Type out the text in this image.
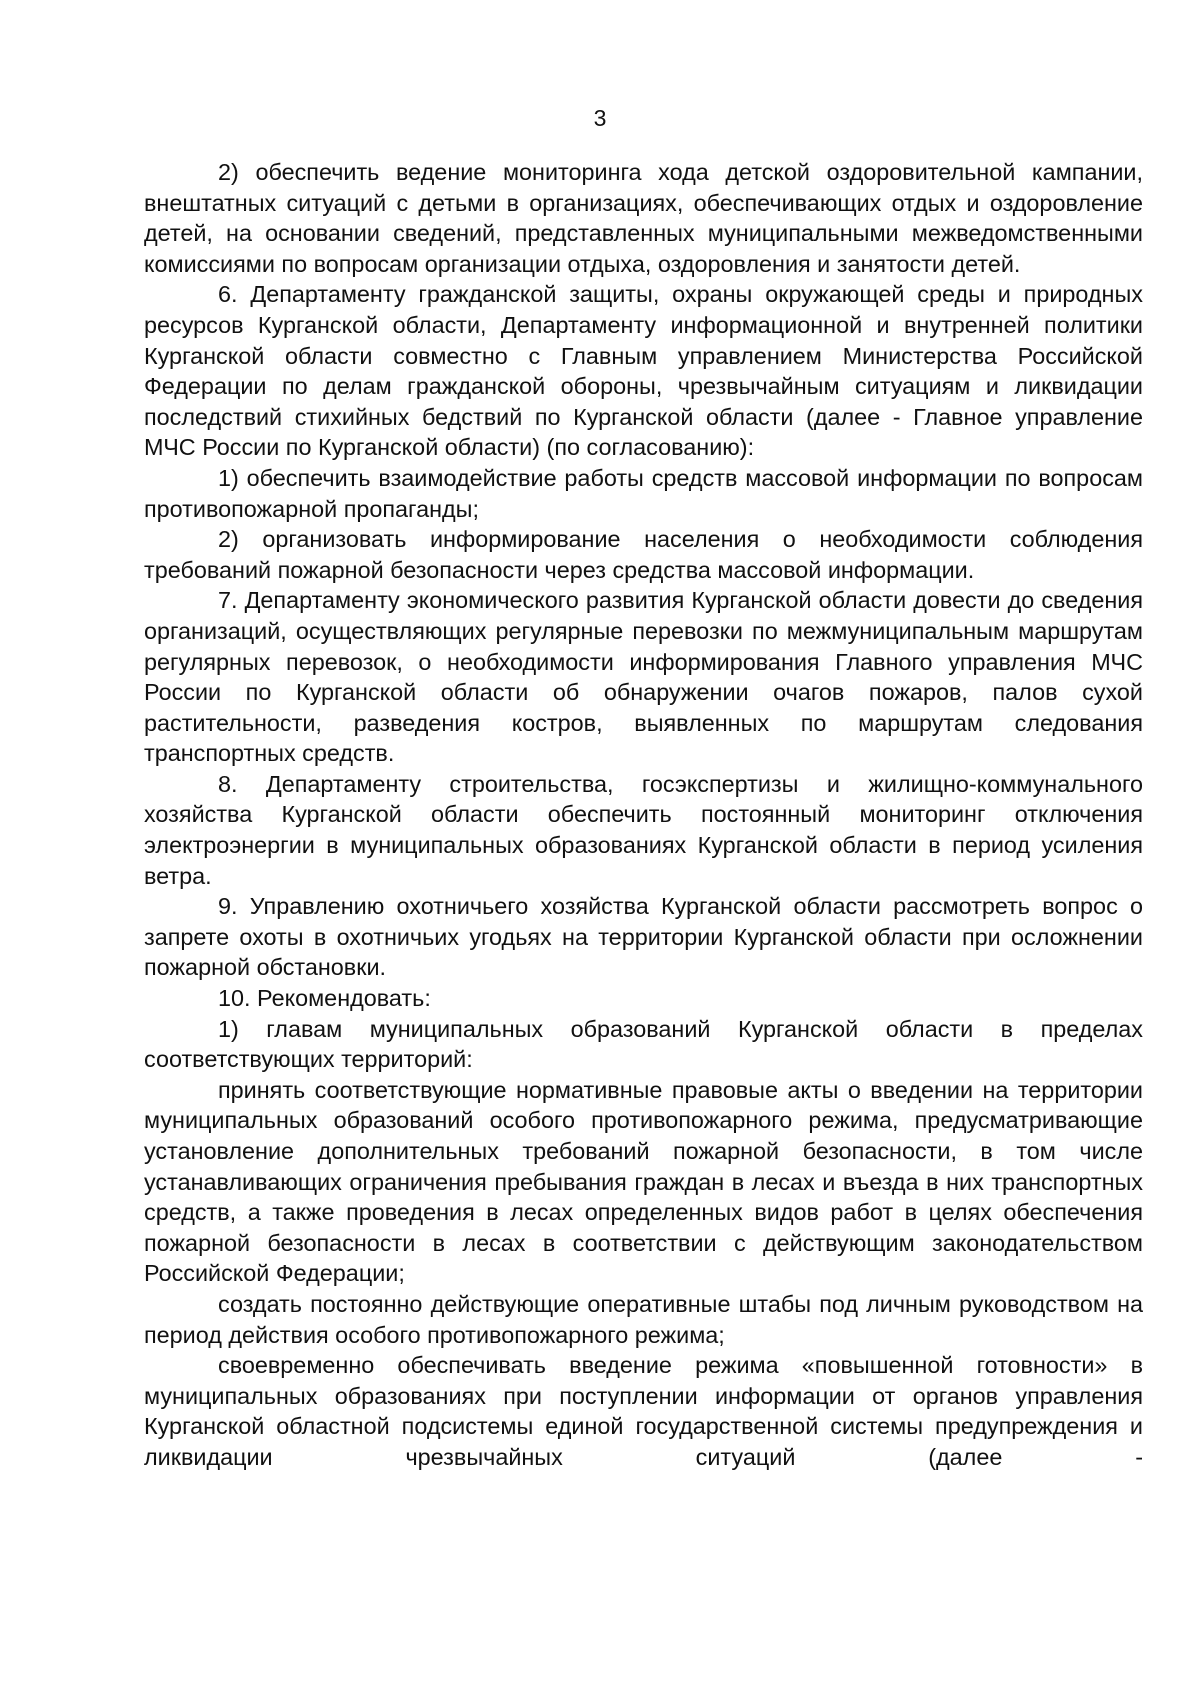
3

2) обеспечить ведение мониторинга хода детской оздоровительной кампании, внештатных ситуаций с детьми в организациях, обеспечивающих отдых и оздоровление детей, на основании сведений, представленных муниципальными межведомственными комиссиями по вопросам организации отдыха, оздоровления и занятости детей.

6. Департаменту гражданской защиты, охраны окружающей среды и природных ресурсов Курганской области, Департаменту информационной и внутренней политики Курганской области совместно с Главным управлением Министерства Российской Федерации по делам гражданской обороны, чрезвычайным ситуациям и ликвидации последствий стихийных бедствий по Курганской области (далее - Главное управление МЧС России по Курганской области) (по согласованию):

1) обеспечить взаимодействие работы средств массовой информации по вопросам противопожарной пропаганды;

2) организовать информирование населения о необходимости соблюдения требований пожарной безопасности через средства массовой информации.

7. Департаменту экономического развития Курганской области довести до сведения организаций, осуществляющих регулярные перевозки по межмуниципальным маршрутам регулярных перевозок, о необходимости информирования Главного управления МЧС России по Курганской области об обнаружении очагов пожаров, палов сухой растительности, разведения костров, выявленных по маршрутам следования транспортных средств.

8. Департаменту строительства, госэкспертизы и жилищно-коммунального хозяйства Курганской области обеспечить постоянный мониторинг отключения электроэнергии в муниципальных образованиях Курганской области в период усиления ветра.

9. Управлению охотничьего хозяйства Курганской области рассмотреть вопрос о запрете охоты в охотничьих угодьях на территории Курганской области при осложнении пожарной обстановки.

10. Рекомендовать:

1) главам муниципальных образований Курганской области в пределах соответствующих территорий:

принять соответствующие нормативные правовые акты о введении на территории муниципальных образований особого противопожарного режима, предусматривающие установление дополнительных требований пожарной безопасности, в том числе устанавливающих ограничения пребывания граждан в лесах и въезда в них транспортных средств, а также проведения в лесах определенных видов работ в целях обеспечения пожарной безопасности в лесах в соответствии с действующим законодательством Российской Федерации;

создать постоянно действующие оперативные штабы под личным руководством на период действия особого противопожарного режима;

своевременно обеспечивать введение режима «повышенной готовности» в муниципальных образованиях при поступлении информации от органов управления Курганской областной подсистемы единой государственной системы предупреждения и ликвидации чрезвычайных ситуаций (далее -
